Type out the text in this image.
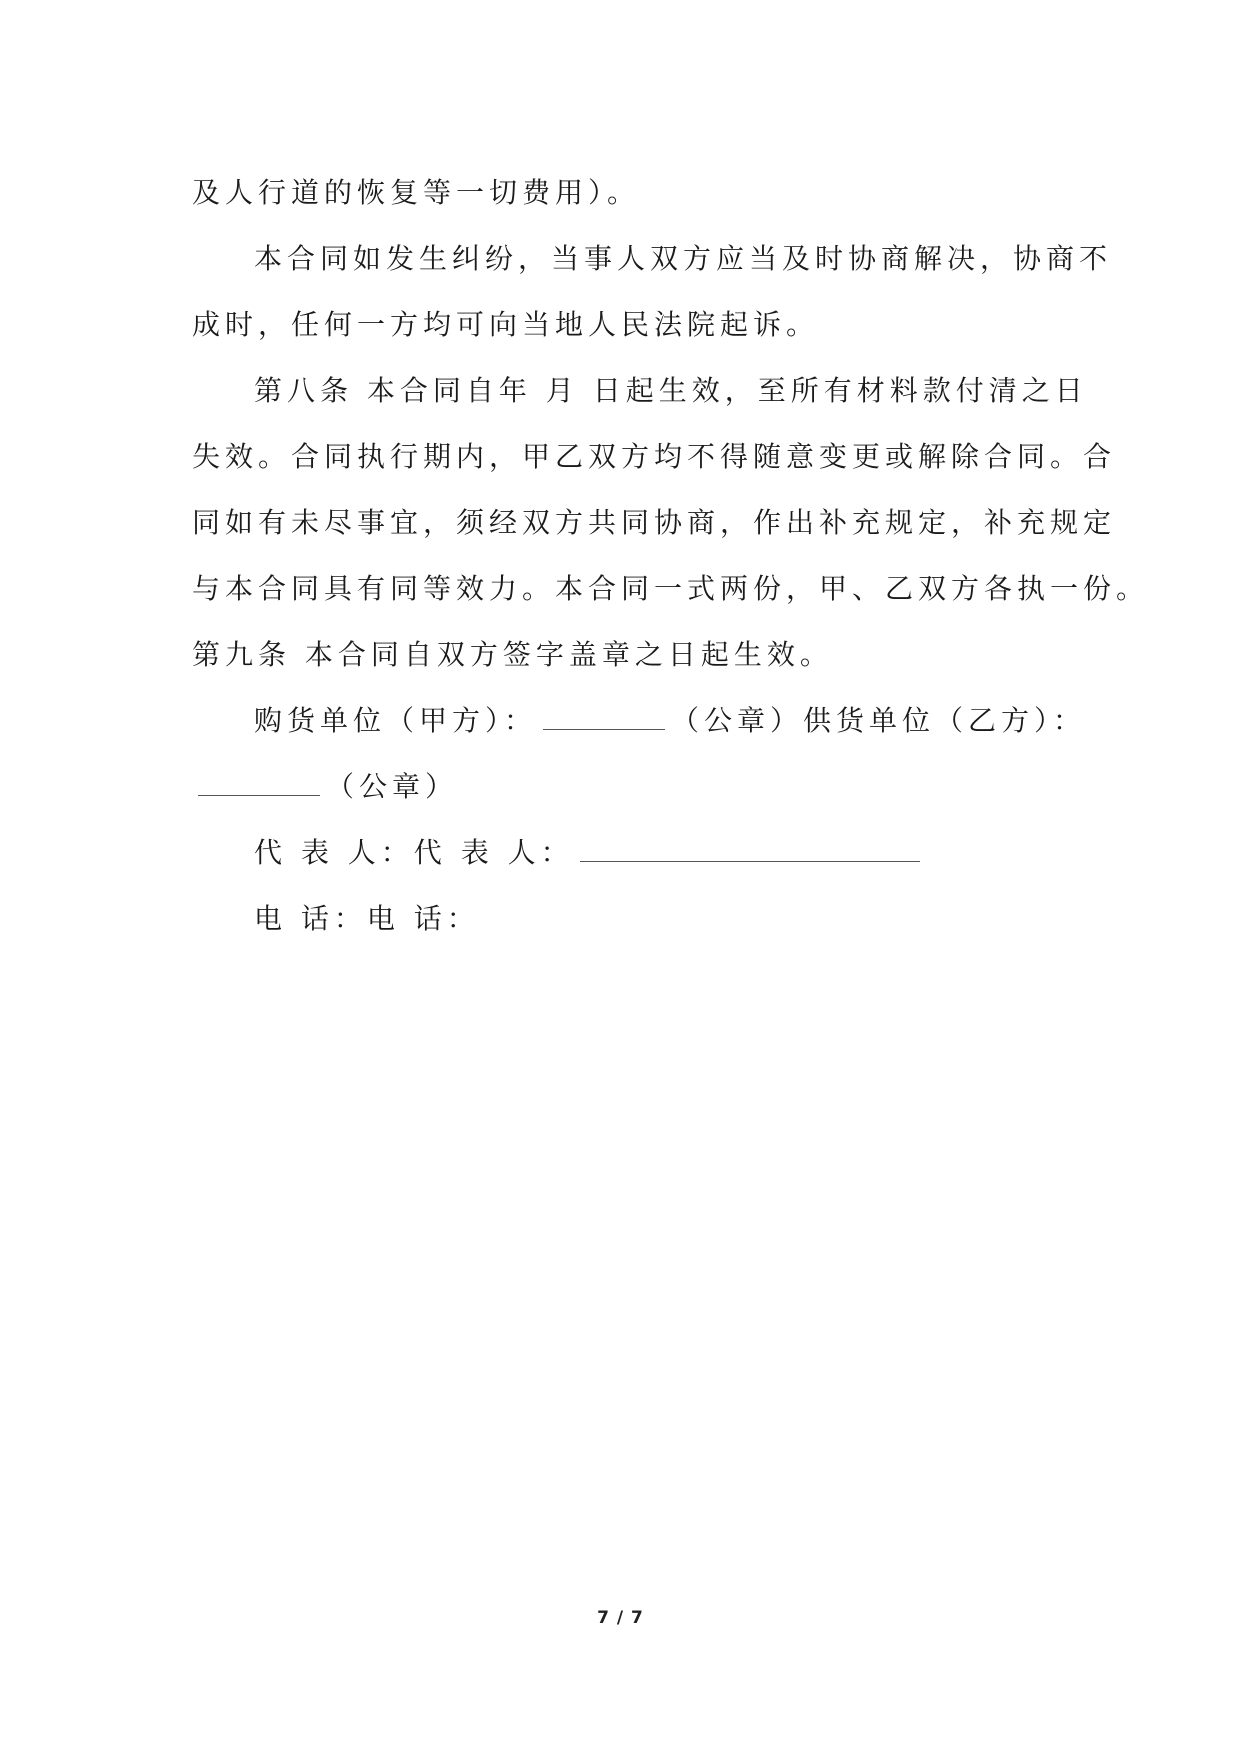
及人行道的恢复等一切费用）。
本合同如发生纠纷，当事人双方应当及时协商解决，协商不
成时，任何一方均可向当地人民法院起诉。
第八条 本合同自年 月 日起生效，至所有材料款付清之日
失效。合同执行期内，甲乙双方均不得随意变更或解除合同。合
同如有未尽事宜，须经双方共同协商，作出补充规定，补充规定
与本合同具有同等效力。本合同一式两份，甲、乙双方各执一份。
第九条 本合同自双方签字盖章之日起生效。
购货单位（甲方）：	（公章）供货单位（乙方）：
（公章）
代 表 人：代 表 人：
电 话：电 话：
7 / 7
